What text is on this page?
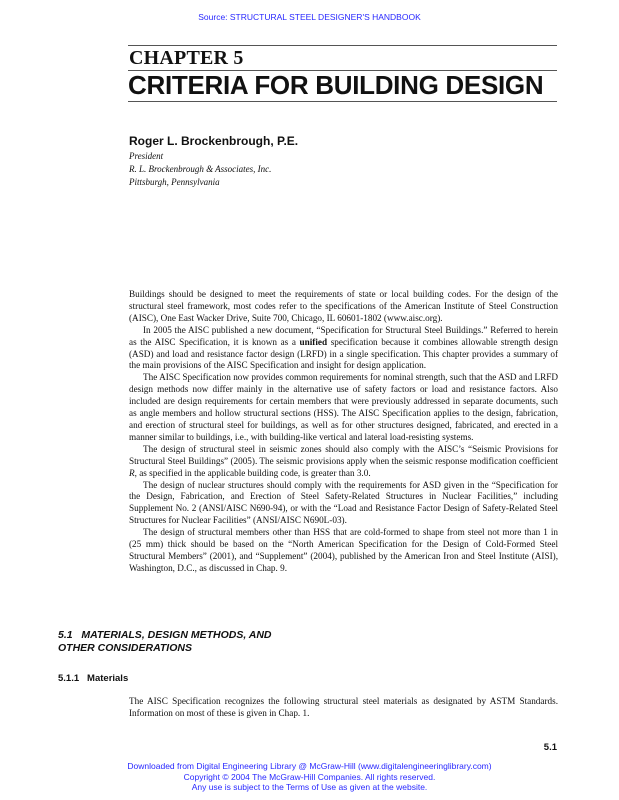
Source: STRUCTURAL STEEL DESIGNER'S HANDBOOK
CHAPTER 5
CRITERIA FOR BUILDING DESIGN
Roger L. Brockenbrough, P.E.
President
R. L. Brockenbrough & Associates, Inc.
Pittsburgh, Pennsylvania

Buildings should be designed to meet the requirements of state or local building codes. For the design of the structural steel framework, most codes refer to the specifications of the American Institute of Steel Construction (AISC), One East Wacker Drive, Suite 700, Chicago, IL 60601-1802 (www.aisc.org).

In 2005 the AISC published a new document, “Specification for Structural Steel Buildings.” Referred to herein as the AISC Specification, it is known as a unified specification because it combines allowable strength design (ASD) and load and resistance factor design (LRFD) in a single specification. This chapter provides a summary of the main provisions of the AISC Specification and insight for design application.

The AISC Specification now provides common requirements for nominal strength, such that the ASD and LRFD design methods now differ mainly in the alternative use of safety factors or load and resistance factors. Also included are design requirements for certain members that were previously addressed in separate documents, such as angle members and hollow structural sections (HSS). The AISC Specification applies to the design, fabrication, and erection of structural steel for buildings, as well as for other structures designed, fabricated, and erected in a manner similar to buildings, i.e., with building-like vertical and lateral load-resisting systems.

The design of structural steel in seismic zones should also comply with the AISC’s “Seismic Provisions for Structural Steel Buildings” (2005). The seismic provisions apply when the seismic response modification coefficient R, as specified in the applicable building code, is greater than 3.0.

The design of nuclear structures should comply with the requirements for ASD given in the “Specification for the Design, Fabrication, and Erection of Steel Safety-Related Structures in Nuclear Facilities,” including Supplement No. 2 (ANSI/AISC N690-94), or with the “Load and Resistance Factor Design of Safety-Related Steel Structures for Nuclear Facilities” (ANSI/AISC N690L-03).

The design of structural members other than HSS that are cold-formed to shape from steel not more than 1 in (25 mm) thick should be based on the “North American Specification for the Design of Cold-Formed Steel Structural Members” (2001), and “Supplement” (2004), published by the American Iron and Steel Institute (AISI), Washington, D.C., as discussed in Chap. 9.

5.1   MATERIALS, DESIGN METHODS, AND
OTHER CONSIDERATIONS
5.1.1   Materials
The AISC Specification recognizes the following structural steel materials as designated by ASTM Standards. Information on most of these is given in Chap. 1.
5.1
Downloaded from Digital Engineering Library @ McGraw-Hill (www.digitalengineeringlibrary.com)
Copyright © 2004 The McGraw-Hill Companies. All rights reserved.
Any use is subject to the Terms of Use as given at the website.
